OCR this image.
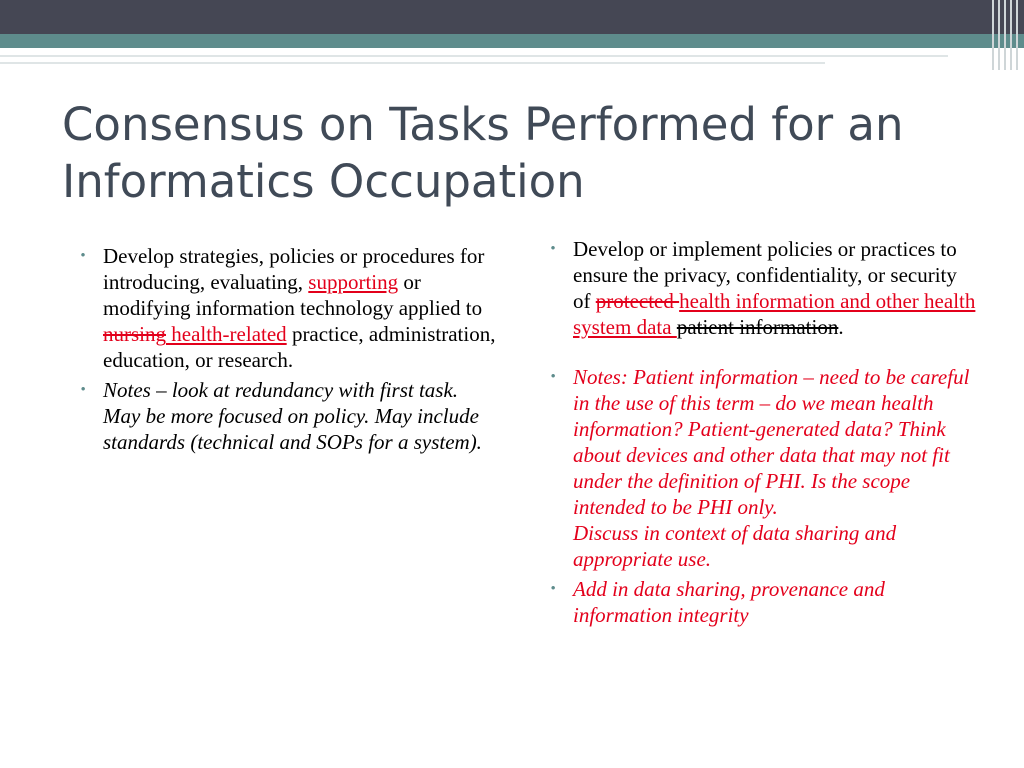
Consensus on Tasks Performed for an Informatics Occupation
• Develop strategies, policies or procedures for introducing, evaluating, supporting or modifying information technology applied to nursing health-related practice, administration, education, or research.
• Notes – look at redundancy with first task. May be more focused on policy. May include standards (technical and SOPs for a system).
• Develop or implement policies or practices to ensure the privacy, confidentiality, or security of protected health information and other health system data patient information.
• Notes: Patient information – need to be careful in the use of this term – do we mean health information? Patient-generated data? Think about devices and other data that may not fit under the definition of PHI. Is the scope intended to be PHI only.
Discuss in context of data sharing and appropriate use.
• Add in data sharing, provenance and information integrity
